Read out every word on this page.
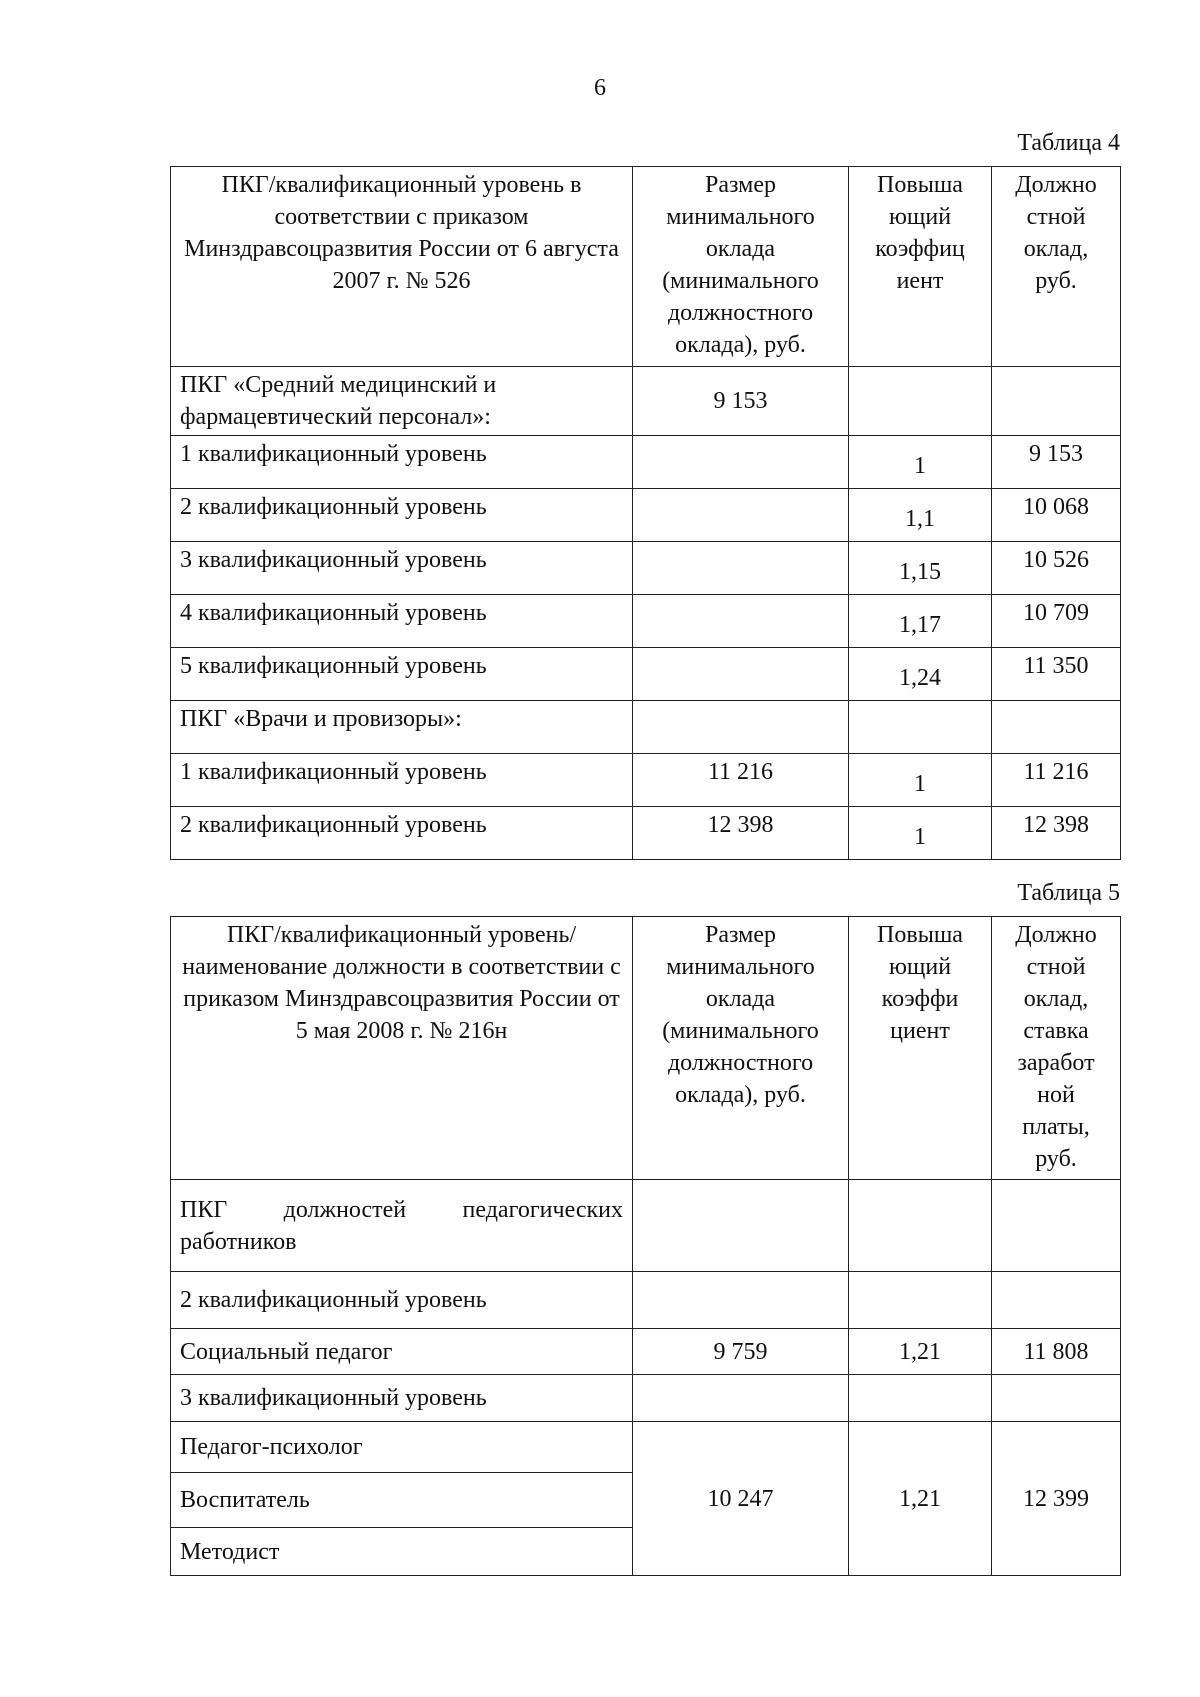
6
Таблица 4
ПКГ/квалификационный уровень в соответствии с приказом Минздравсоцразвития России от 6 августа 2007 г. № 526	Размер минимального оклада (минимального должностного оклада), руб.	Повыша ющий коэффиц иент	Должно стной оклад, руб.
ПКГ «Средний медицинский и фармацевтический персонал»:	9 153		
1 квалификационный уровень		1	9 153
2 квалификационный уровень		1,1	10 068
3 квалификационный уровень		1,15	10 526
4 квалификационный уровень		1,17	10 709
5 квалификационный уровень		1,24	11 350
ПКГ «Врачи и провизоры»:			
1 квалификационный уровень	11 216	1	11 216
2 квалификационный уровень	12 398	1	12 398
Таблица 5
ПКГ/квалификационный уровень/наименование должности в соответствии с приказом Минздравсоцразвития России от 5 мая 2008 г. № 216н	Размер минимального оклада (минимального должностного оклада), руб.	Повыша ющий коэффи циент	Должно стной оклад, ставка заработ ной платы, руб.
ПКГ должностей педагогических работников			
2 квалификационный уровень			
Социальный педагог	9 759	1,21	11 808
3 квалификационный уровень			
Педагог-психолог	10 247	1,21	12 399
Воспитатель			
Методист			
